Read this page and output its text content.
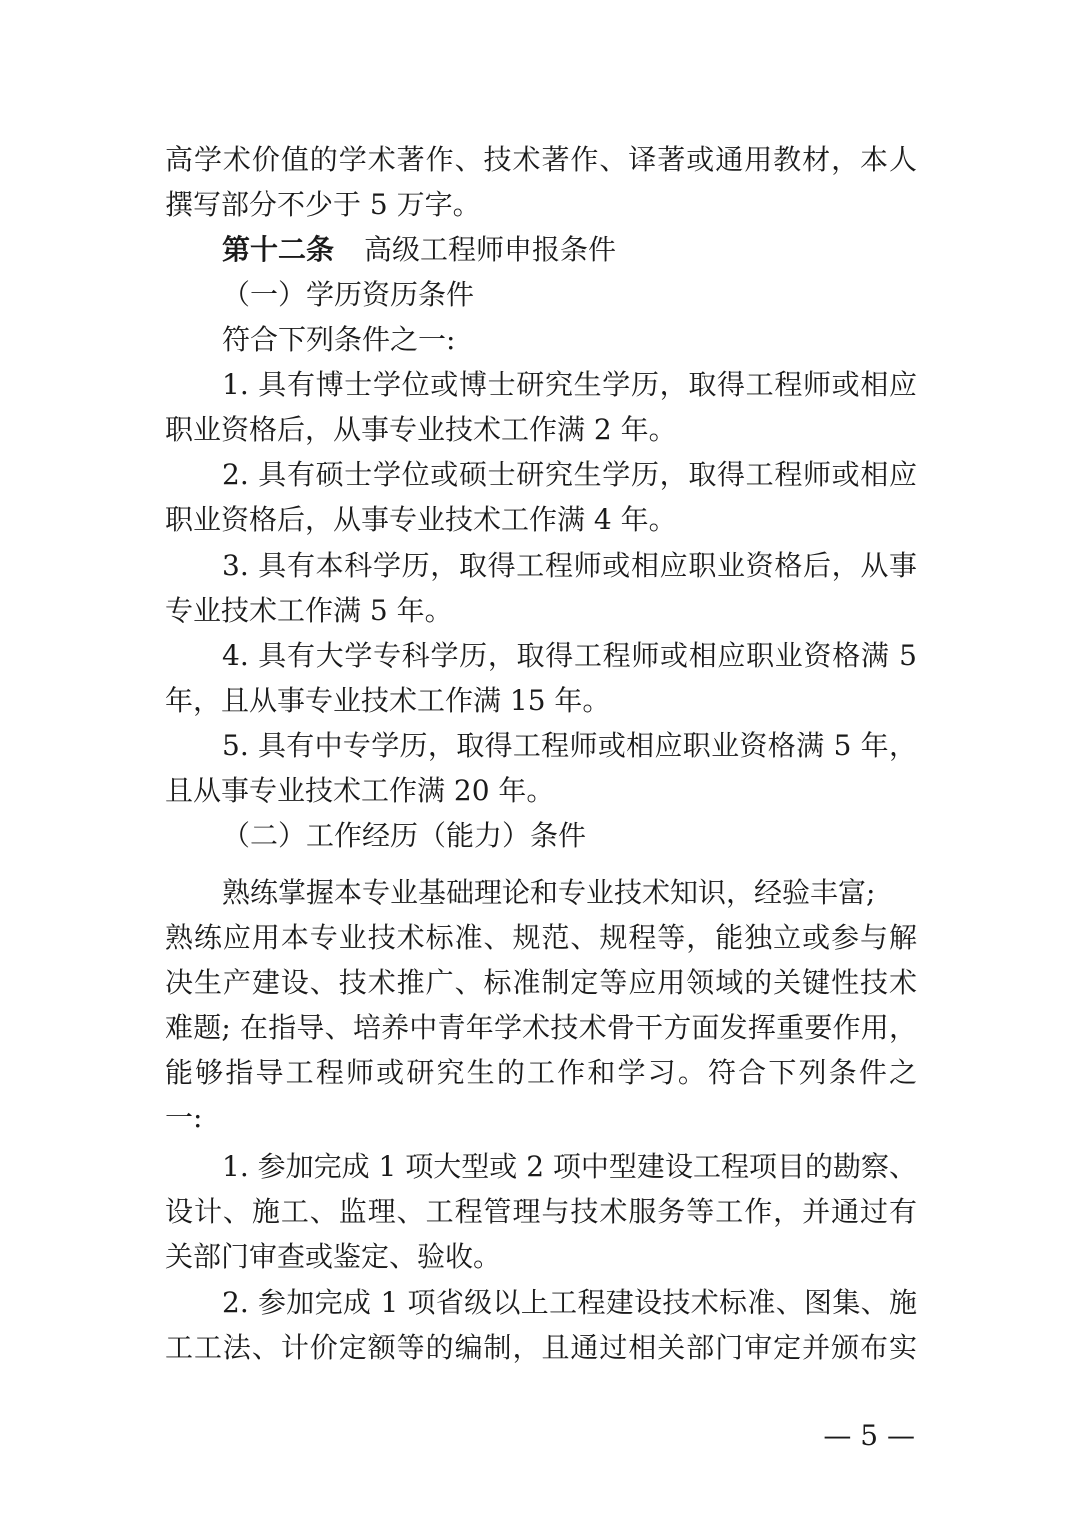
高学术价值的学术著作、技术著作、译著或通用教材，本人
撰写部分不少于 5 万字。
第十二条 高级工程师申报条件
（一）学历资历条件
符合下列条件之一:
1. 具有博士学位或博士研究生学历，取得工程师或相应
职业资格后，从事专业技术工作满 2 年。
2. 具有硕士学位或硕士研究生学历，取得工程师或相应
职业资格后，从事专业技术工作满 4 年。
3. 具有本科学历，取得工程师或相应职业资格后，从事
专业技术工作满 5 年。
4. 具有大学专科学历，取得工程师或相应职业资格满 5
年，且从事专业技术工作满 15 年。
5. 具有中专学历，取得工程师或相应职业资格满 5 年，
且从事专业技术工作满 20 年。
（二）工作经历（能力）条件
熟练掌握本专业基础理论和专业技术知识，经验丰富;
熟练应用本专业技术标准、规范、规程等，能独立或参与解
决生产建设、技术推广、标准制定等应用领域的关键性技术
难题; 在指导、培养中青年学术技术骨干方面发挥重要作用，
能够指导工程师或研究生的工作和学习。符合下列条件之
一:
1. 参加完成 1 项大型或 2 项中型建设工程项目的勘察、
设计、施工、监理、工程管理与技术服务等工作，并通过有
关部门审查或鉴定、验收。
2. 参加完成 1 项省级以上工程建设技术标准、图集、施
工工法、计价定额等的编制，且通过相关部门审定并颁布实
— 5 —
